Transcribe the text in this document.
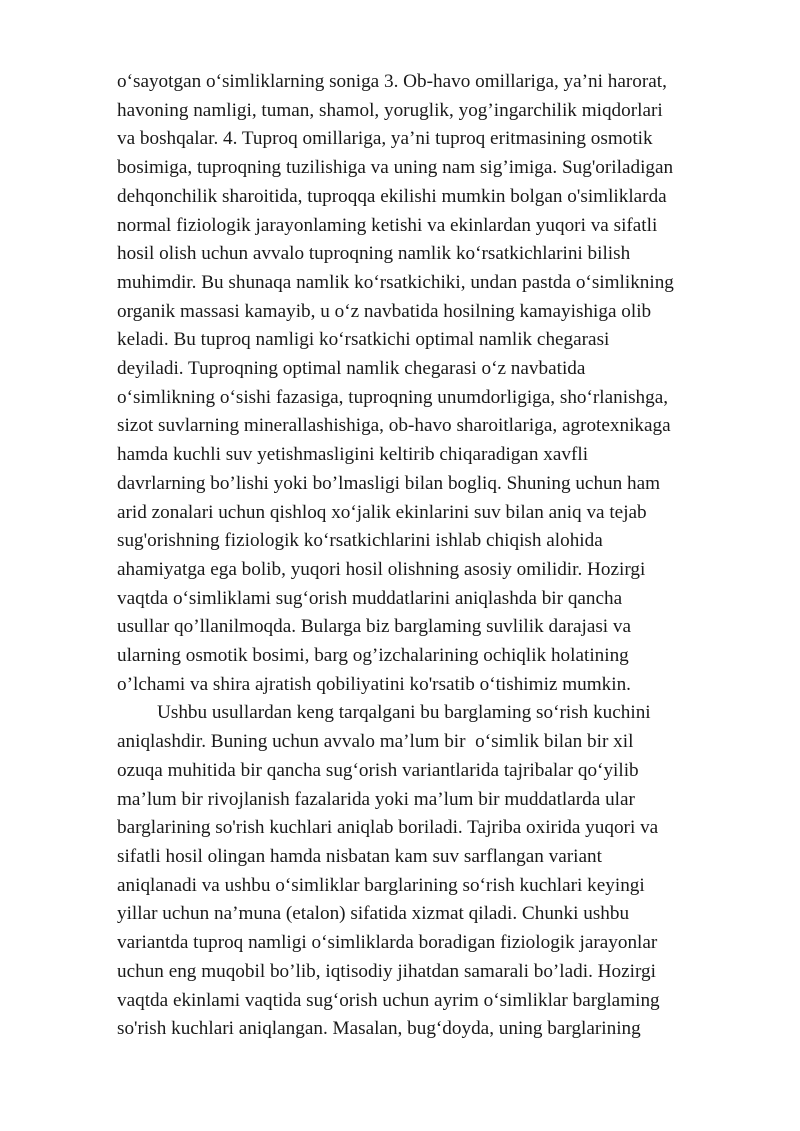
o‘sayotgan o‘simliklarning soniga 3. Ob-havo omillariga, ya’ni harorat,
havoning namligi, tuman, shamol, yoruglik, yog’ingarchilik miqdorlari
va boshqalar. 4. Tuproq omillariga, ya’ni tuproq eritmasining osmotik
bosimiga, tuproqning tuzilishiga va uning nam sig’imiga. Sug'oriladigan
dehqonchilik sharoitida, tuproqqa ekilishi mumkin bolgan o'simliklarda
normal fiziologik jarayonlaming ketishi va ekinlardan yuqori va sifatli
hosil olish uchun avvalo tuproqning namlik ko‘rsatkichlarini bilish
muhimdir. Bu shunaqa namlik ko‘rsatkichiki, undan pastda o‘simlikning
organik massasi kamayib, u o‘z navbatida hosilning kamayishiga olib
keladi. Bu tuproq namligi ko‘rsatkichi optimal namlik chegarasi
deyiladi. Tuproqning optimal namlik chegarasi o‘z navbatida
o‘simlikning o‘sishi fazasiga, tuproqning unumdorligiga, sho‘rlanishga,
sizot suvlarning minerallashishiga, ob-havo sharoitlariga, agrotexnikaga
hamda kuchli suv yetishmasligini keltirib chiqaradigan xavfli
davrlarning bo’lishi yoki bo’lmasligi bilan bogliq. Shuning uchun ham
arid zonalari uchun qishloq xo‘jalik ekinlarini suv bilan aniq va tejab
sug'orishning fiziologik ko‘rsatkichlarini ishlab chiqish alohida
ahamiyatga ega bolib, yuqori hosil olishning asosiy omilidir. Hozirgi
vaqtda o‘simliklami sug‘orish muddatlarini aniqlashda bir qancha
usullar qo’llanilmoqda. Bularga biz barglaming suvlilik darajasi va
ularning osmotik bosimi, barg og’izchalarining ochiqlik holatining
o’lchami va shira ajratish qobiliyatini ko'rsatib o‘tishimiz mumkin.
Ushbu usullardan keng tarqalgani bu barglaming so‘rish kuchini
aniqlashdir. Buning uchun avvalo ma’lum bir  o‘simlik bilan bir xil
ozuqa muhitida bir qancha sug‘orish variantlarida tajribalar qo‘yilib
ma’lum bir rivojlanish fazalarida yoki ma’lum bir muddatlarda ular
barglarining so'rish kuchlari aniqlab boriladi. Tajriba oxirida yuqori va
sifatli hosil olingan hamda nisbatan kam suv sarflangan variant
aniqlanadi va ushbu o‘simliklar barglarining so‘rish kuchlari keyingi
yillar uchun na’muna (etalon) sifatida xizmat qiladi. Chunki ushbu
variantda tuproq namligi o‘simliklarda boradigan fiziologik jarayonlar
uchun eng muqobil bo’lib, iqtisodiy jihatdan samarali bo’ladi. Hozirgi
vaqtda ekinlami vaqtida sug‘orish uchun ayrim o‘simliklar barglaming
so'rish kuchlari aniqlangan. Masalan, bug‘doyda, uning barglarining
